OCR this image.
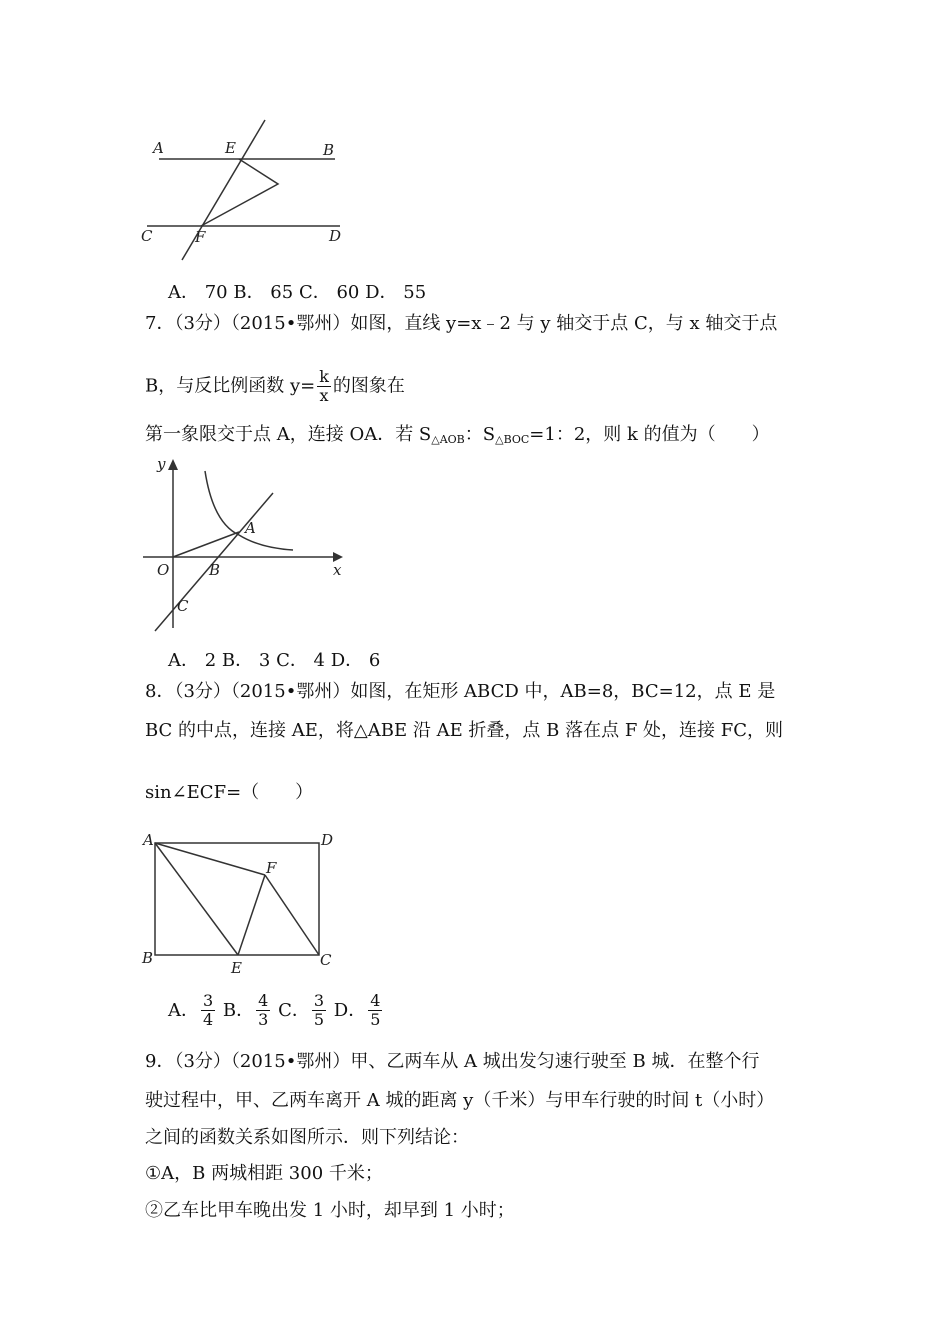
A	E	B
C	F	D
A． 70 B． 65 C． 60 D． 55
7．（3分）（2015•鄂州）如图，直线 y=x﹣2 与 y 轴交于点 C，与 x 轴交于点
B，与反比例函数 $y= \frac{k}{x}$ 的图象在
第一象限交于点 A，连接 OA．若 $S_{\triangle AOB}$：$S_{\triangle BOC}=1$：2，则 k 的值为（　　）
y
x
O
A
B
C
A． 2 B． 3 C． 4 D． 6
8．（3分）（2015•鄂州）如图，在矩形 ABCD 中，AB=8，BC=12，点 E 是
BC 的中点，连接 AE，将△ABE 沿 AE 折叠，点 B 落在点 F 处，连接 FC，则
sin∠ECF=（　　）
A	D
F
B
E	C
A． $\frac{3}{4}$ B． $\frac{4}{3}$ C． $\frac{3}{5}$ D． $\frac{4}{5}$
9．（3分）（2015•鄂州）甲、乙两车从 A 城出发匀速行驶至 B 城．在整个行
驶过程中，甲、乙两车离开 A 城的距离 y（千米）与甲车行驶的时间 t（小时）
之间的函数关系如图所示．则下列结论：
①A，B 两城相距 300 千米；
②乙车比甲车晚出发 1 小时，却早到 1 小时；
